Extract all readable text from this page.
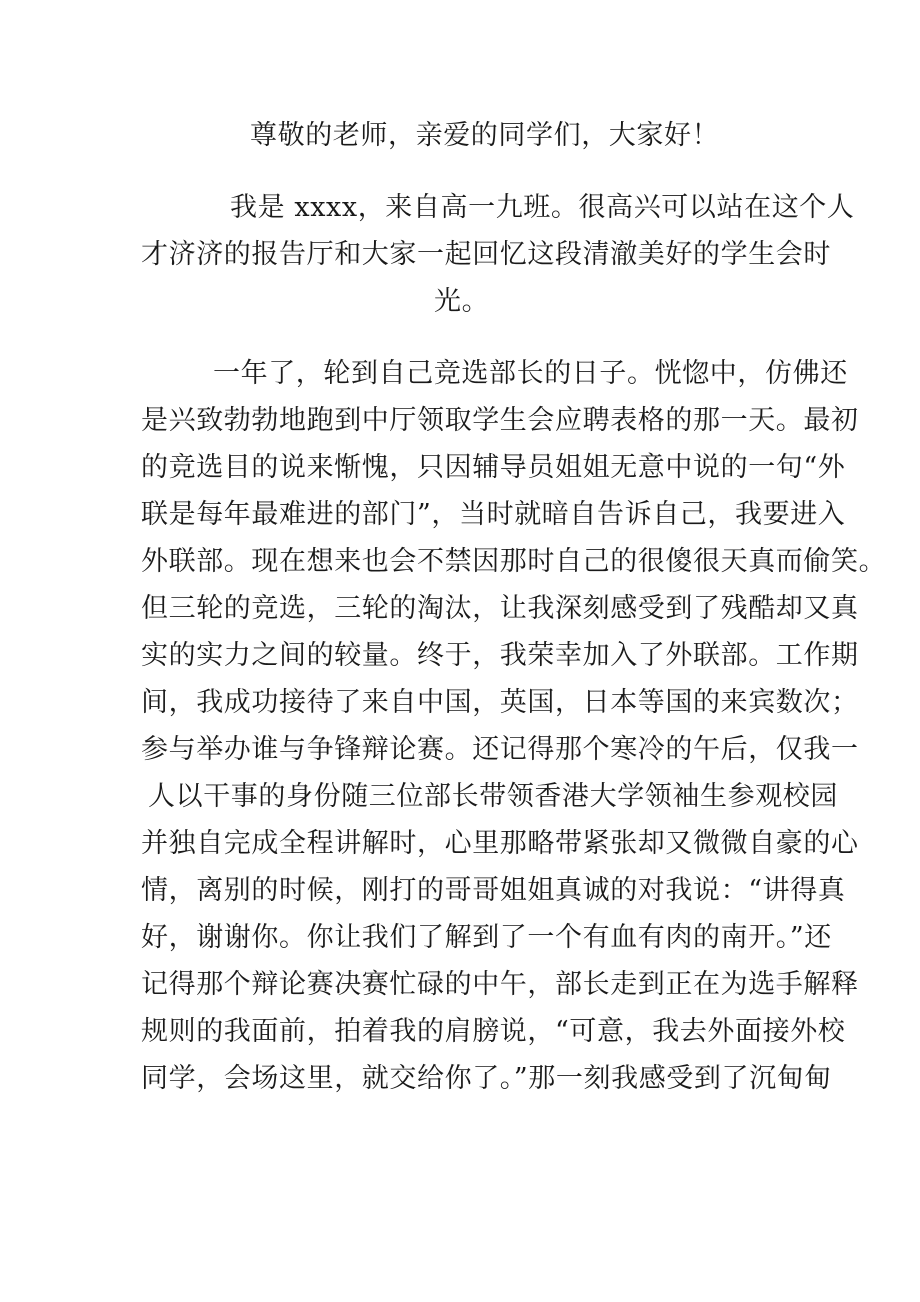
尊敬的老师，亲爱的同学们，大家好！
我是 xxxx，来自高一九班。很高兴可以站在这个人
才济济的报告厅和大家一起回忆这段清澈美好的学生会时
光。
一年了，轮到自己竞选部长的日子。恍惚中，仿佛还
是兴致勃勃地跑到中厅领取学生会应聘表格的那一天。最初
的竞选目的说来惭愧，只因辅导员姐姐无意中说的一句“外
联是每年最难进的部门”，当时就暗自告诉自己，我要进入
外联部。现在想来也会不禁因那时自己的很傻很天真而偷笑。
但三轮的竞选，三轮的淘汰，让我深刻感受到了残酷却又真
实的实力之间的较量。终于，我荣幸加入了外联部。工作期
间，我成功接待了来自中国，英国，日本等国的来宾数次；
参与举办谁与争锋辩论赛。还记得那个寒冷的午后，仅我一
人以干事的身份随三位部长带领香港大学领袖生参观校园
并独自完成全程讲解时，心里那略带紧张却又微微自豪的心
情，离别的时候，刚打的哥哥姐姐真诚的对我说：“讲得真
好，谢谢你。你让我们了解到了一个有血有肉的南开。”还
记得那个辩论赛决赛忙碌的中午，部长走到正在为选手解释
规则的我面前，拍着我的肩膀说，“可意，我去外面接外校
同学，会场这里，就交给你了。”那一刻我感受到了沉甸甸
